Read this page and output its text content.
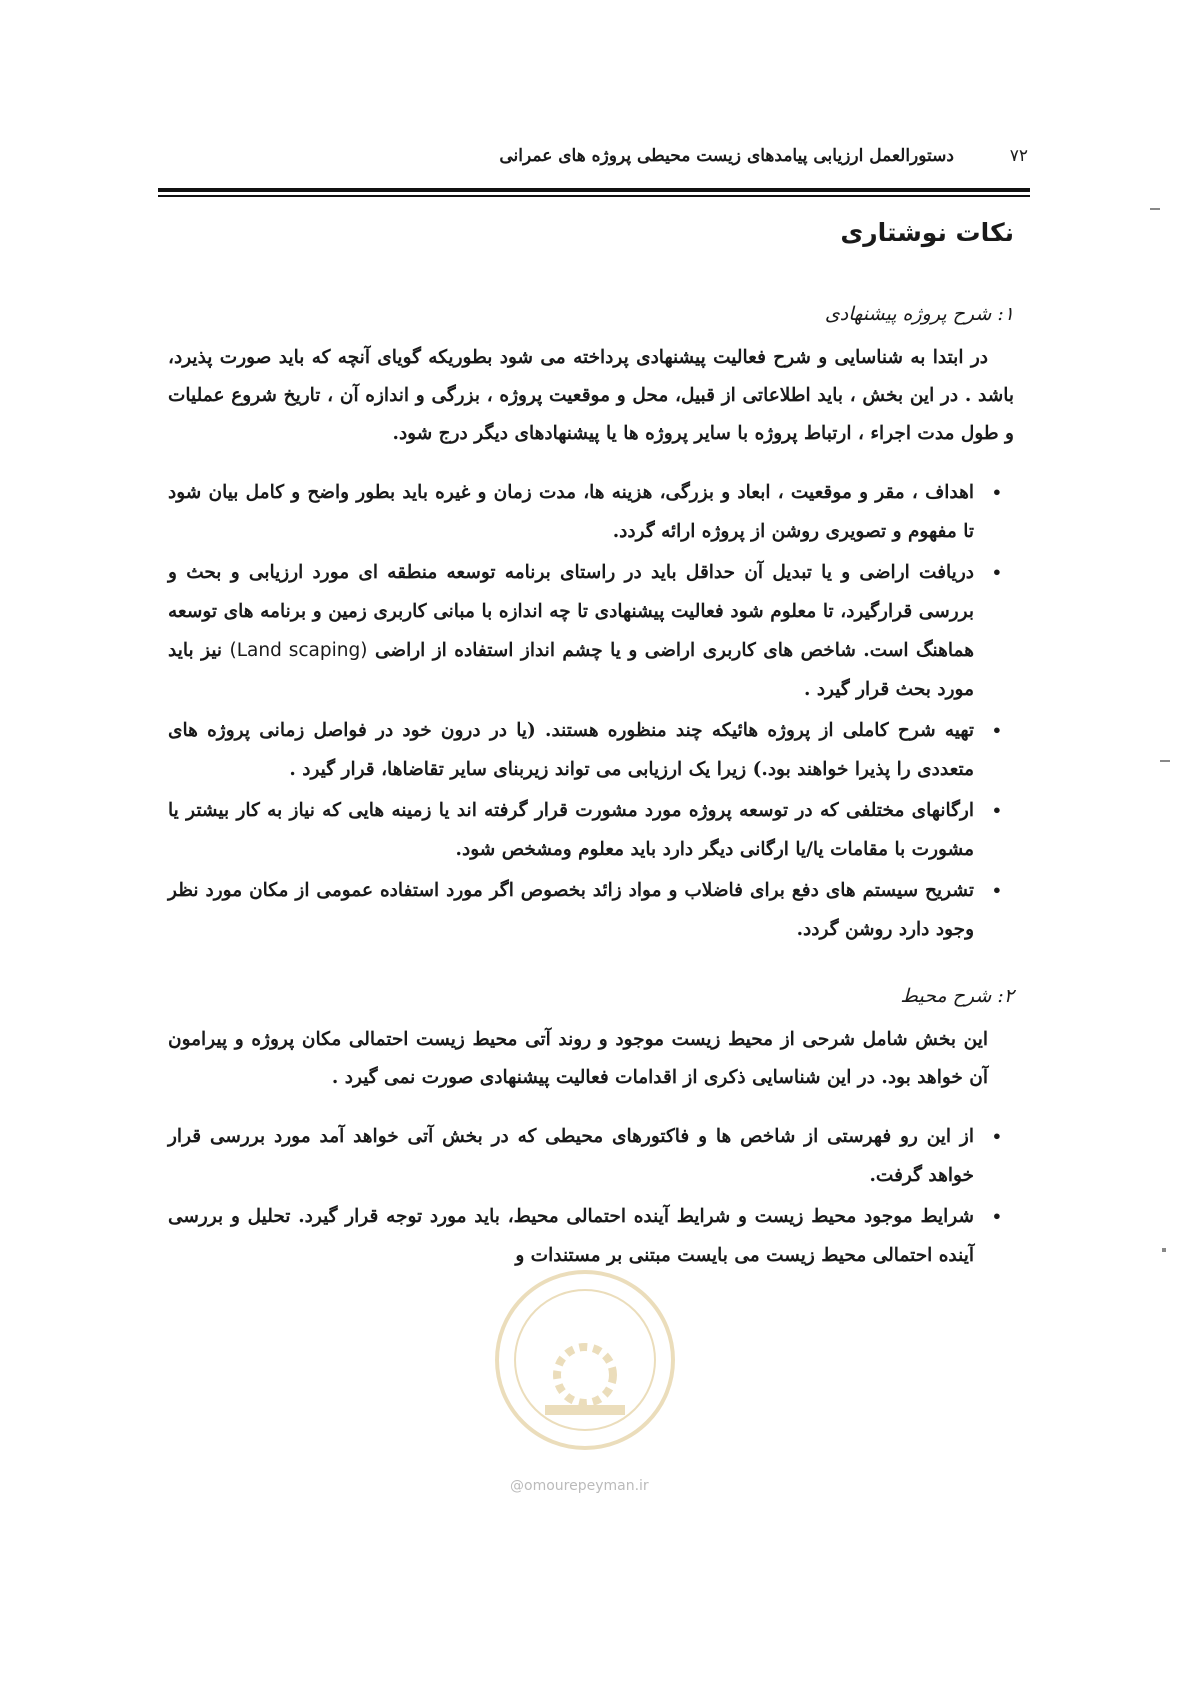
۷۲
دستورالعمل ارزیابی پیامدهای زیست محیطی پروژه های عمرانی
نکات نوشتاری
۱: شرح پروژه پیشنهادی

در ابتدا به شناسایی و شرح فعالیت پیشنهادی پرداخته می شود بطوریکه گویای آنچه که باید صورت پذیرد، باشد . در این بخش ، باید اطلاعاتی از قبیل، محل و موقعیت پروژه ، بزرگی و اندازه آن ، تاریخ شروع عملیات و طول مدت اجراء ، ارتباط پروژه با سایر پروژه ها یا پیشنهادهای دیگر درج شود.

•
اهداف ، مقر و موقعیت ، ابعاد و بزرگی، هزینه ها، مدت زمان و غیره باید بطور واضح و کامل بیان شود تا مفهوم و تصویری روشن از پروژه ارائه گردد.
•
دریافت اراضی و یا تبدیل آن حداقل باید در راستای برنامه توسعه منطقه ای مورد ارزیابی و بحث و بررسی قرارگیرد، تا معلوم شود فعالیت پیشنهادی تا چه اندازه با مبانی کاربری زمین و برنامه های توسعه هماهنگ است. شاخص های کاربری اراضی و یا چشم انداز استفاده از اراضی (Land scaping) نیز باید مورد بحث قرار گیرد .
•
تهیه شرح کاملی از پروژه هائیکه چند منظوره هستند. (یا در درون خود در فواصل زمانی پروژه های متعددی را پذیرا خواهند بود.) زیرا یک ارزیابی می تواند زیربنای سایر تقاضاها، قرار گیرد .
•
ارگانهای مختلفی که در توسعه پروژه مورد مشورت قرار گرفته اند یا زمینه هایی که نیاز به کار بیشتر یا مشورت با مقامات یا/یا ارگانی دیگر دارد باید معلوم ومشخص شود.
•
تشریح سیستم های دفع برای فاضلاب و مواد زائد بخصوص اگر مورد استفاده عمومی از مکان مورد نظر وجود دارد روشن گردد.
۲: شرح محیط

این بخش شامل شرحی از محیط زیست موجود و روند آتی محیط زیست احتمالی مکان پروژه و پیرامون آن خواهد بود. در این شناسایی ذکری از اقدامات فعالیت پیشنهادی صورت نمی گیرد .

•
از این رو فهرستی از شاخص ها و فاکتورهای محیطی که در بخش آتی خواهد آمد مورد بررسی قرار خواهد گرفت.
•
شرایط موجود محیط زیست و شرایط آینده احتمالی محیط، باید مورد توجه قرار گیرد. تحلیل و بررسی آینده احتمالی محیط زیست می بایست مبتنی بر مستندات و
@omourepeyman.ir
